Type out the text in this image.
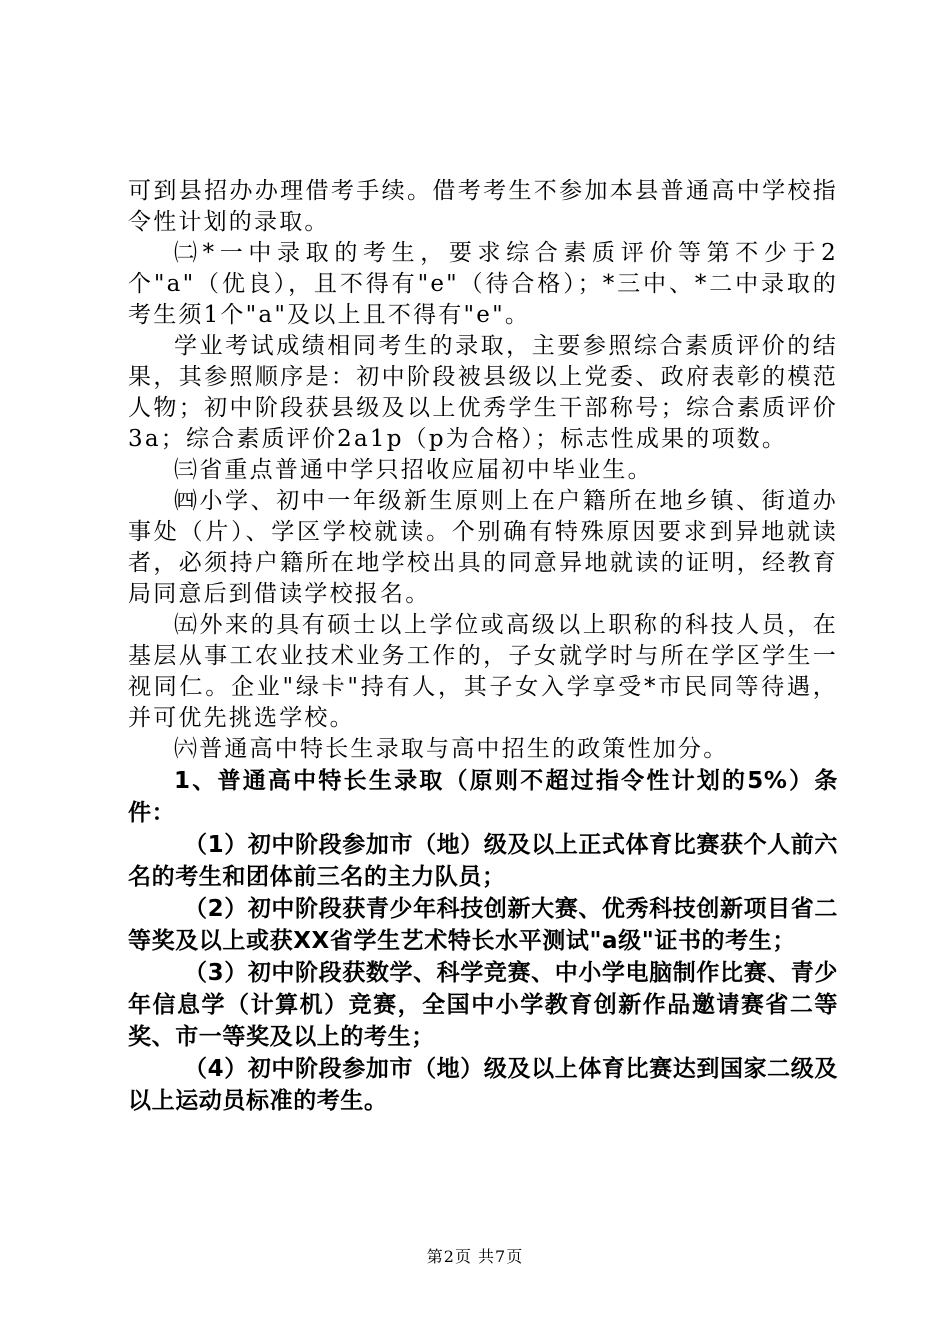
可到县招办办理借考手续。借考考生不参加本县普通高中学校指令性计划的录取。

㈡*一中录取的考生，要求综合素质评价等第不少于2个"a"（优良），且不得有"e"（待合格）；*三中、*二中录取的考生须1个"a"及以上且不得有"e"。

学业考试成绩相同考生的录取，主要参照综合素质评价的结果，其参照顺序是：初中阶段被县级以上党委、政府表彰的模范人物；初中阶段获县级及以上优秀学生干部称号；综合素质评价3a；综合素质评价2a1p（p为合格）；标志性成果的项数。

㈢省重点普通中学只招收应届初中毕业生。

㈣小学、初中一年级新生原则上在户籍所在地乡镇、街道办事处（片）、学区学校就读。个别确有特殊原因要求到异地就读者，必须持户籍所在地学校出具的同意异地就读的证明，经教育局同意后到借读学校报名。

㈤外来的具有硕士以上学位或高级以上职称的科技人员，在基层从事工农业技术业务工作的，子女就学时与所在学区学生一视同仁。企业"绿卡"持有人，其子女入学享受*市民同等待遇，并可优先挑选学校。

㈥普通高中特长生录取与高中招生的政策性加分。

1、普通高中特长生录取（原则不超过指令性计划的5%）条件：

（1）初中阶段参加市（地）级及以上正式体育比赛获个人前六名的考生和团体前三名的主力队员；

（2）初中阶段获青少年科技创新大赛、优秀科技创新项目省二等奖及以上或获XX省学生艺术特长水平测试"a级"证书的考生；

（3）初中阶段获数学、科学竞赛、中小学电脑制作比赛、青少年信息学（计算机）竞赛，全国中小学教育创新作品邀请赛省二等奖、市一等奖及以上的考生；

（4）初中阶段参加市（地）级及以上体育比赛达到国家二级及以上运动员标准的考生。

第2页 共7页
